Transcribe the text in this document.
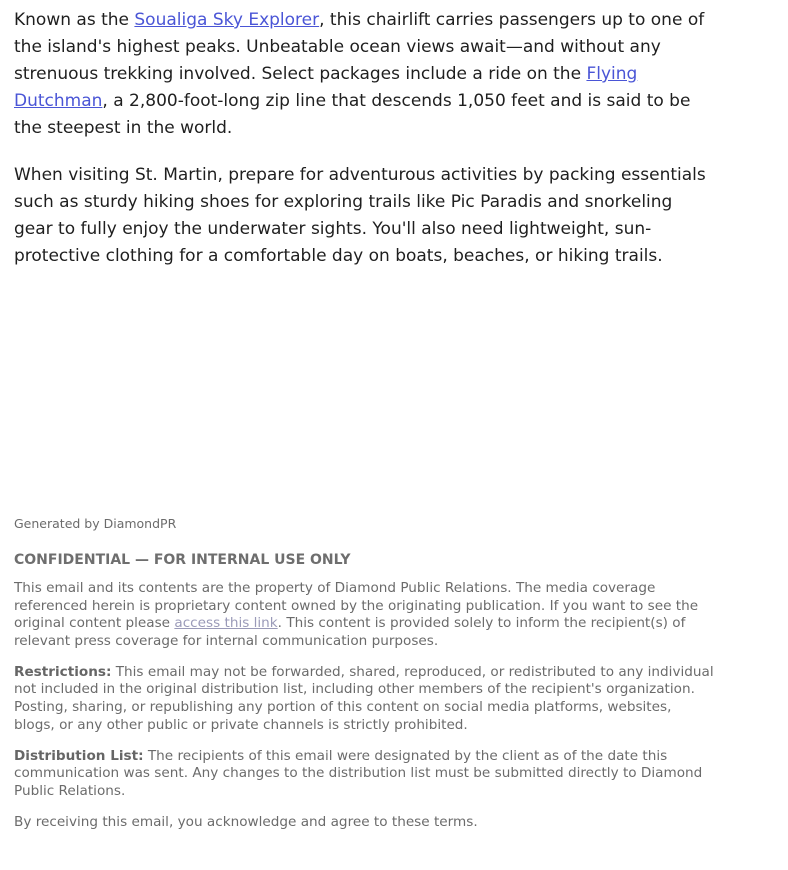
Known as the Soualiga Sky Explorer, this chairlift carries passengers up to one of the island's highest peaks. Unbeatable ocean views await—and without any strenuous trekking involved. Select packages include a ride on the Flying Dutchman, a 2,800-foot-long zip line that descends 1,050 feet and is said to be the steepest in the world.

When visiting St. Martin, prepare for adventurous activities by packing essentials such as sturdy hiking shoes for exploring trails like Pic Paradis and snorkeling gear to fully enjoy the underwater sights. You'll also need lightweight, sun-protective clothing for a comfortable day on boats, beaches, or hiking trails.

Generated by DiamondPR

CONFIDENTIAL — FOR INTERNAL USE ONLY

This email and its contents are the property of Diamond Public Relations. The media coverage referenced herein is proprietary content owned by the originating publication. If you want to see the original content please access this link. This content is provided solely to inform the recipient(s) of relevant press coverage for internal communication purposes.

Restrictions: This email may not be forwarded, shared, reproduced, or redistributed to any individual not included in the original distribution list, including other members of the recipient's organization. Posting, sharing, or republishing any portion of this content on social media platforms, websites, blogs, or any other public or private channels is strictly prohibited.

Distribution List: The recipients of this email were designated by the client as of the date this communication was sent. Any changes to the distribution list must be submitted directly to Diamond Public Relations.

By receiving this email, you acknowledge and agree to these terms.
